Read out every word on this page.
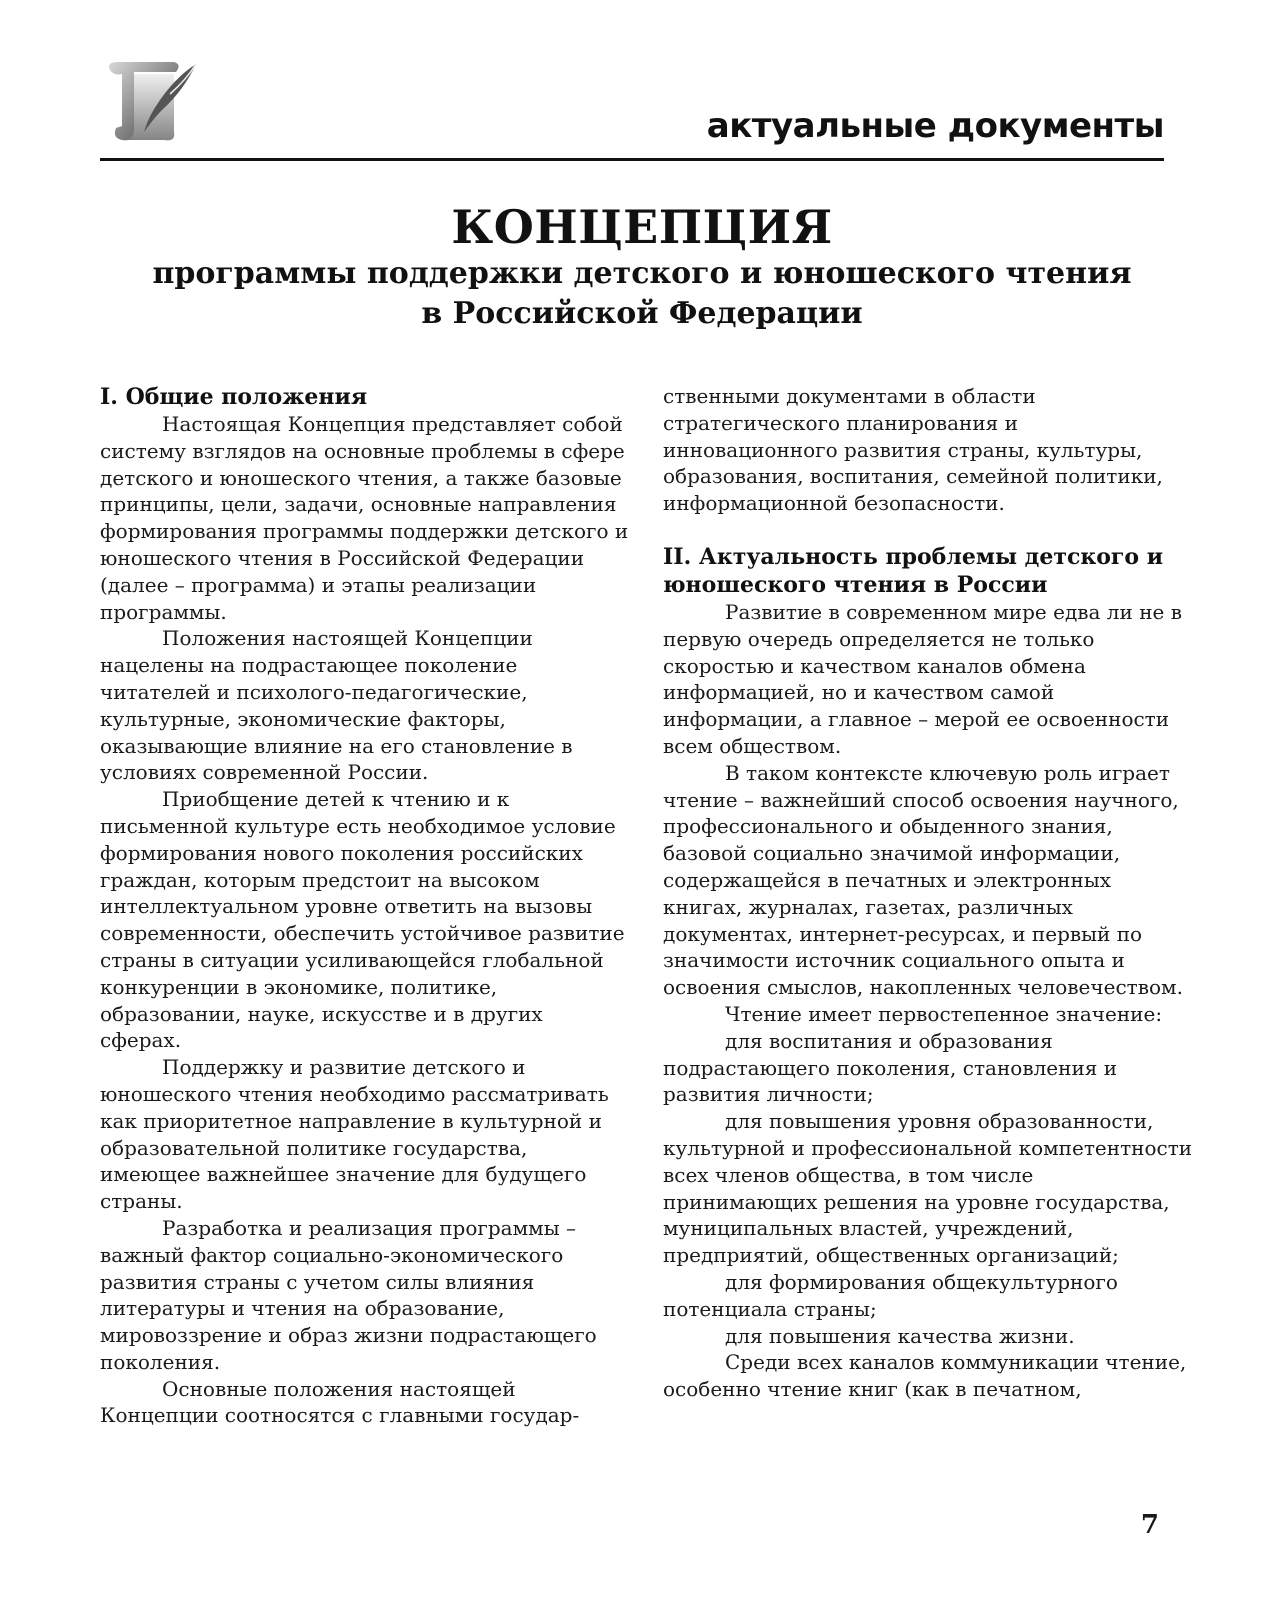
актуальные документы
КОНЦЕПЦИЯ
программы поддержки детского и юношеского чтения
в Российской Федерации
I. Общие положения

Настоящая Концепция представляет собой систему взглядов на основные проблемы в сфере детского и юношеского чтения, а также базовые принципы, цели, задачи, основные направления формирования программы поддержки детского и юношеского чтения в Российской Федерации (далее – программа) и этапы реализации программы.

Положения настоящей Концепции нацелены на подрастающее поколение читателей и психолого-педагогические, культурные, экономические факторы, оказывающие влияние на его становление в условиях современной России.

Приобщение детей к чтению и к письменной культуре есть необходимое условие формирования нового поколения российских граждан, которым предстоит на высоком интеллектуальном уровне ответить на вызовы современности, обеспечить устойчивое развитие страны в ситуации усиливающейся глобальной конкуренции в экономике, политике, образовании, науке, искусстве и в других сферах.

Поддержку и развитие детского и юношеского чтения необходимо рассматривать как приоритетное направление в культурной и образовательной политике государства, имеющее важнейшее значение для будущего страны.

Разработка и реализация программы – важный фактор социально-экономического развития страны с учетом силы влияния литературы и чтения на образование, мировоззрение и образ жизни подрастающего поколения.

Основные положения настоящей Концепции соотносятся с главными государ-

ственными документами в области стратегического планирования и инновационного развития страны, культуры, образования, воспитания, семейной политики, информационной безопасности.

II. Актуальность проблемы детского и юношеского чтения в России

Развитие в современном мире едва ли не в первую очередь определяется не только скоростью и качеством каналов обмена информацией, но и качеством самой информации, а главное – мерой ее освоенности всем обществом.

В таком контексте ключевую роль играет чтение – важнейший способ освоения научного, профессионального и обыденного знания, базовой социально значимой информации, содержащейся в печатных и электронных книгах, журналах, газетах, различных документах, интернет-ресурсах, и первый по значимости источник социального опыта и освоения смыслов, накопленных человечеством.

Чтение имеет первостепенное значение:

для воспитания и образования подрастающего поколения, становления и развития личности;

для повышения уровня образованности, культурной и профессиональной компетентности всех членов общества, в том числе принимающих решения на уровне государства, муниципальных властей, учреждений, предприятий, общественных организаций;

для формирования общекультурного потенциала страны;

для повышения качества жизни.

Среди всех каналов коммуникации чтение, особенно чтение книг (как в печатном,

7
